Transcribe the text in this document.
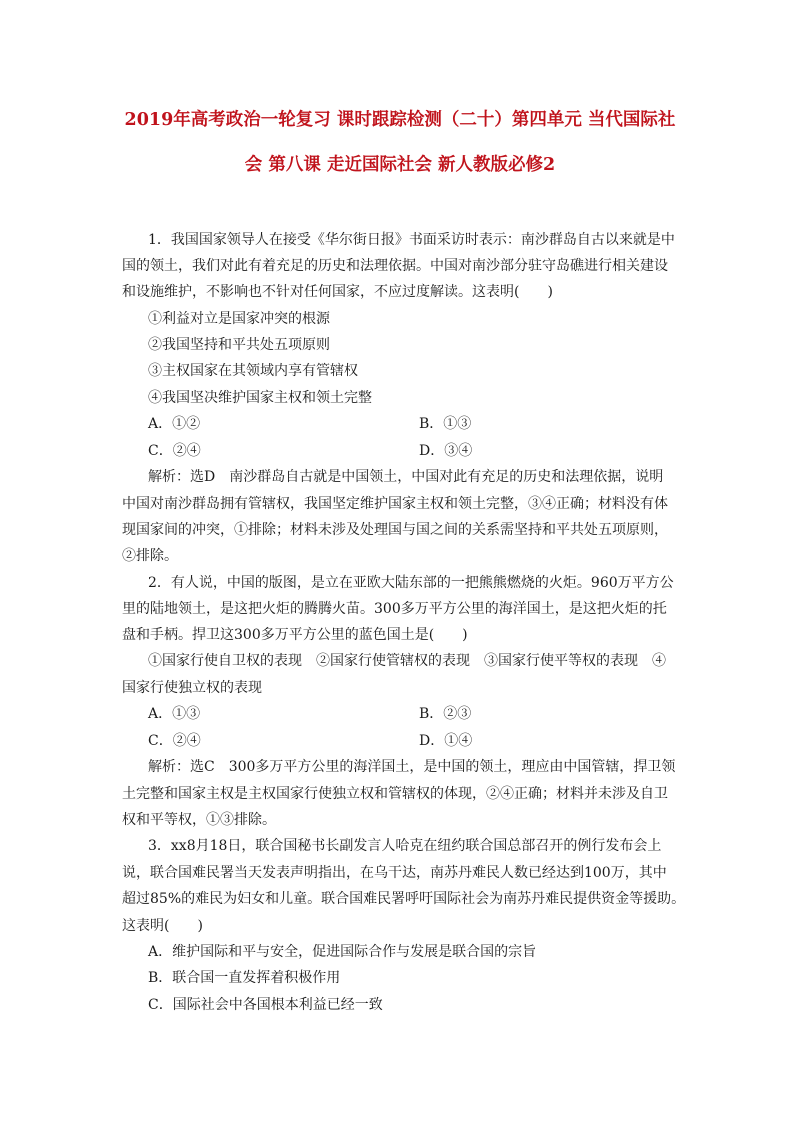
2019年高考政治一轮复习 课时跟踪检测（二十）第四单元 当代国际社
会 第八课 走近国际社会 新人教版必修2
1．我国国家领导人在接受《华尔街日报》书面采访时表示：南沙群岛自古以来就是中
国的领土，我们对此有着充足的历史和法理依据。中国对南沙部分驻守岛礁进行相关建设
和设施维护，不影响也不针对任何国家，不应过度解读。这表明(　　)
①利益对立是国家冲突的根源
②我国坚持和平共处五项原则
③主权国家在其领域内享有管辖权
④我国坚决维护国家主权和领土完整
A．①②	B．①③
C．②④	D．③④
解析：选D　南沙群岛自古就是中国领土，中国对此有充足的历史和法理依据，说明
中国对南沙群岛拥有管辖权，我国坚定维护国家主权和领土完整，③④正确；材料没有体
现国家间的冲突，①排除；材料未涉及处理国与国之间的关系需坚持和平共处五项原则，
②排除。
2．有人说，中国的版图，是立在亚欧大陆东部的一把熊熊燃烧的火炬。960万平方公
里的陆地领土，是这把火炬的腾腾火苗。300多万平方公里的海洋国土，是这把火炬的托
盘和手柄。捍卫这300多万平方公里的蓝色国土是(　　)
①国家行使自卫权的表现　②国家行使管辖权的表现　③国家行使平等权的表现　④
国家行使独立权的表现
A．①③	B．②③
C．②④	D．①④
解析：选C　300多万平方公里的海洋国土，是中国的领土，理应由中国管辖，捍卫领
土完整和国家主权是主权国家行使独立权和管辖权的体现，②④正确；材料并未涉及自卫
权和平等权，①③排除。
3．xx8月18日，联合国秘书长副发言人哈克在纽约联合国总部召开的例行发布会上
说，联合国难民署当天发表声明指出，在乌干达，南苏丹难民人数已经达到100万，其中
超过85%的难民为妇女和儿童。联合国难民署呼吁国际社会为南苏丹难民提供资金等援助。
这表明(　　)
A．维护国际和平与安全，促进国际合作与发展是联合国的宗旨
B．联合国一直发挥着积极作用
C．国际社会中各国根本利益已经一致
